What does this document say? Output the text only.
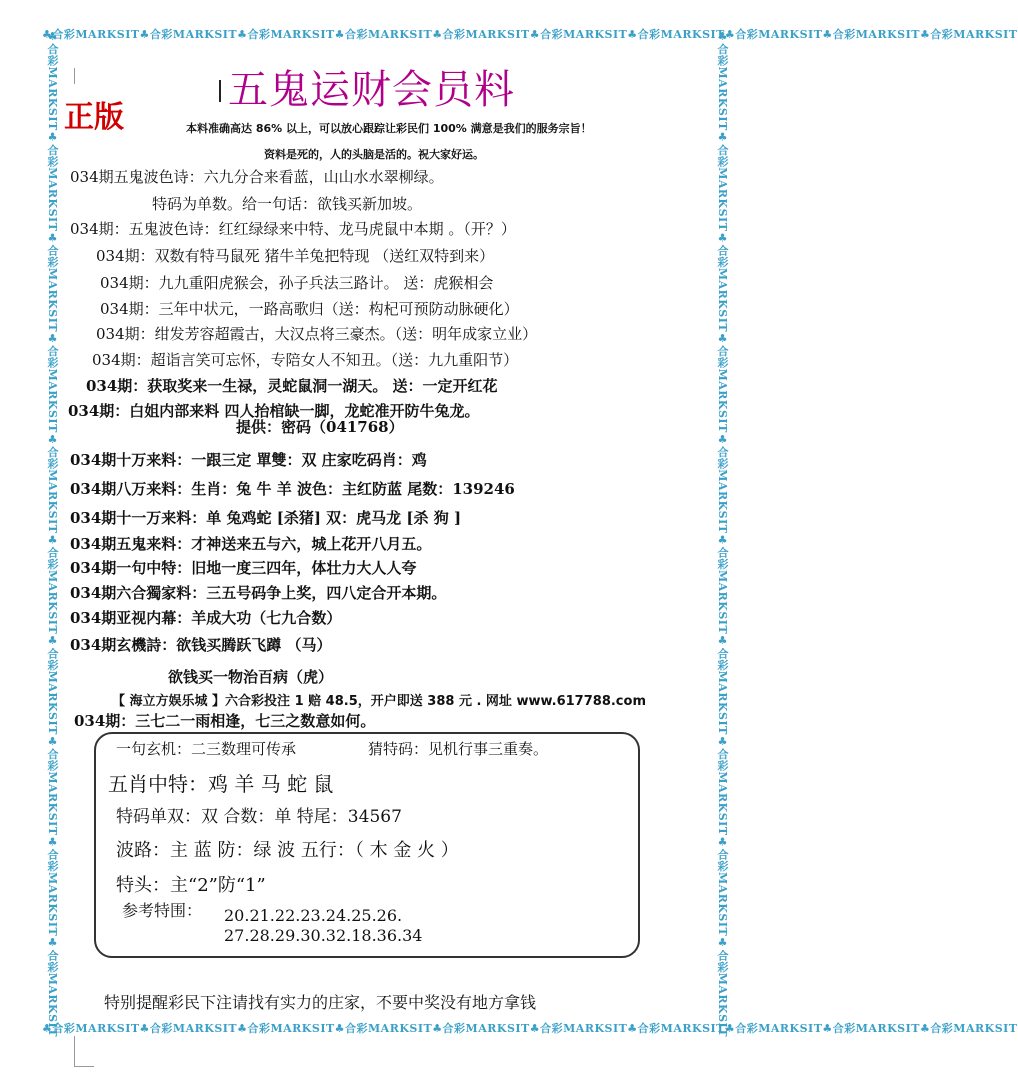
♣合彩MARKSIT♣合彩MARKSIT♣合彩MARKSIT♣合彩MARKSIT♣合彩MARKSIT♣合彩MARKSIT♣合彩MARKSIT♣合彩MARKSIT♣合彩MARKSIT♣合彩MARKSIT
♣合彩MARKSIT♣合彩MARKSIT♣合彩MARKSIT♣合彩MARKSIT♣合彩MARKSIT♣合彩MARKSIT♣合彩MARKSIT♣合彩MARKSIT♣合彩MARKSIT♣合彩MARKSIT
♣合彩MARKSIT♣合彩MARKSIT♣合彩MARKSIT♣合彩MARKSIT♣合彩MARKSIT♣合彩MARKSIT♣合彩MARKSIT♣合彩MARKSIT♣合彩MARKSIT♣合彩MARKSIT	♣合彩MARKSIT♣合彩MARKSIT♣合彩MARKSIT♣合彩MARKSIT♣合彩MARKSIT♣合彩MARKSIT♣合彩MARKSIT♣合彩MARKSIT♣合彩MARKSIT♣合彩MARKSIT
五鬼运财会员料
正版	本料准确高达 86% 以上，可以放心跟踪让彩民们 100% 满意是我们的服务宗旨！
资料是死的，人的头脑是活的。祝大家好运。
034期五鬼波色诗：六九分合来看蓝，山山水水翠柳绿。
特码为单数。给一句话：欲钱买新加坡。
034期：五鬼波色诗：红红绿绿来中特、龙马虎鼠中本期 。（开？）
034期：双数有特马鼠死 猪牛羊兔把特现 （送红双特到来）
034期：九九重阳虎猴会，孙子兵法三路计。 送：虎猴相会
034期：三年中状元，一路高歌归（送：构杞可预防动脉硬化）
034期：绀发芳容超霞古，大汉点将三豪杰。（送：明年成家立业）
034期：超诣言笑可忘怀，专陪女人不知丑。（送：九九重阳节）
034期：获取奖来一生禄，灵蛇鼠洞一湖天。 送：一定开红花
034期：白姐内部来料 四人抬棺缺一脚，龙蛇准开防牛兔龙。
提供：密码（041768）
034期十万来料：一跟三定 單雙：双 庄家吃码肖：鸡
034期八万来料：生肖：兔 牛 羊 波色：主红防蓝 尾数：139246
034期十一万来料：单 兔鸡蛇 [杀猪] 双：虎马龙 [杀 狗 ]
034期五鬼来料：才神送来五与六，城上花开八月五。
034期一句中特：旧地一度三四年，体壮力大人人夸
034期六合獨家料：三五号码争上奖，四八定合开本期。
034期亚视内幕：羊成大功（七九合数）
034期玄機詩：欲钱买腾跃飞蹲 （马）
欲钱买一物治百病（虎）
【 海立方娱乐城 】六合彩投注 1 赔 48.5，开户即送 388 元 . 网址 www.617788.com
034期：三七二一雨相逢，七三之数意如何。
一句玄机：二三数理可传承	猜特码：见机行事三重奏。
五肖中特：鸡 羊 马 蛇 鼠
特码单双：双 合数：单 特尾：34567
波路：主 蓝 防：绿 波 五行：（ 木 金 火 ）
特头：主“2”防“1”
参考特围： 20.21.22.23.24.25.26.
27.28.29.30.32.18.36.34
特别提醒彩民下注请找有实力的庄家，不要中奖没有地方拿钱
